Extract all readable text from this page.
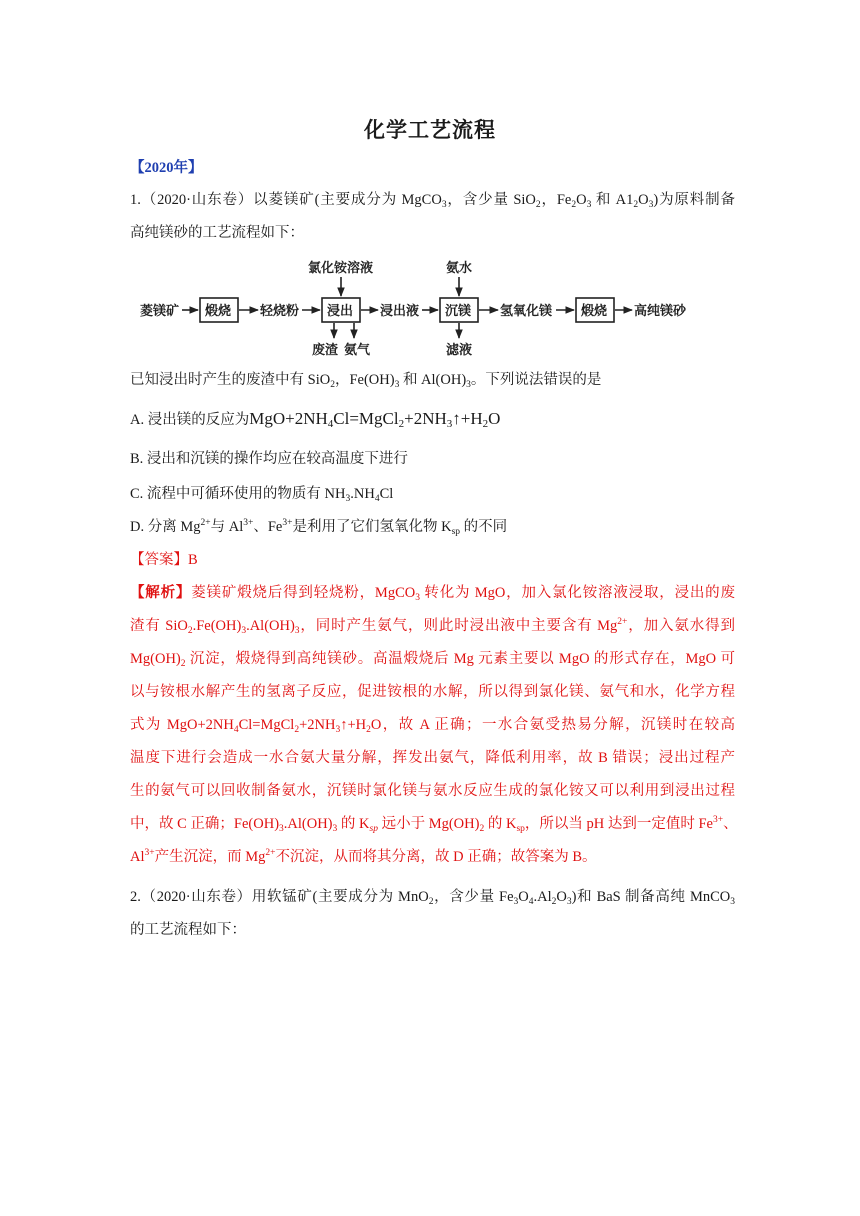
化学工艺流程
【2020年】
1.（2020·山东卷）以菱镁矿(主要成分为 MgCO$_3$，含少量 SiO$_2$，$Fe_2O_3$ 和 $A1_2O_3$)为原料制备
高纯镁砂的工艺流程如下：
菱镁矿 煅烧 轻烧粉 浸出 浸出液 沉镁 氢氧化镁 煅烧 高纯镁砂
氯化铵溶液	氨水
废渣 氨气	滤液
已知浸出时产生的废渣中有 SiO$_2$，$Fe(OH)_3$ 和 $Al(OH)_3$。下列说法错误的是
A. 浸出镁的反应为$MgO+2NH_4Cl=MgCl_2+2NH_3↑+H_2O$
B. 浸出和沉镁的操作均应在较高温度下进行
C. 流程中可循环使用的物质有 $NH_3.NH_4Cl$
D. 分离 $Mg^{2+}$与 $Al^{3+}$、$Fe^{3+}$是利用了它们氢氧化物 $K_{sp}$ 的不同
【答案】B
【解析】菱镁矿煅烧后得到轻烧粉，MgCO$_3$ 转化为 MgO，加入氯化铵溶液浸取，浸出的废
渣有 $SiO_2.Fe(OH)_3.Al(OH)_3$，同时产生氨气，则此时浸出液中主要含有 $Mg^{2+}$，加入氨水得到
$Mg(OH)_2$ 沉淀，煅烧得到高纯镁砂。高温煅烧后 Mg 元素主要以 MgO 的形式存在，MgO 可
以与铵根水解产生的氢离子反应，促进铵根的水解，所以得到氯化镁、氨气和水，化学方程
式为 $MgO+2NH_4Cl=MgCl_2+2NH_3↑+H_2O$，故 A 正确；一水合氨受热易分解，沉镁时在较高
温度下进行会造成一水合氨大量分解，挥发出氨气，降低利用率，故 B 错误；浸出过程产
生的氨气可以回收制备氨水，沉镁时氯化镁与氨水反应生成的氯化铵又可以利用到浸出过程
中，故 C 正确；$Fe(OH)_3.Al(OH)_3$ 的 $K_{sp}$ 远小于 $Mg(OH)_2$ 的 $K_{sp}$，所以当 pH 达到一定值时 $Fe^{3+}$、
$Al^{3+}$产生沉淀，而 $Mg^{2+}$不沉淀，从而将其分离，故 D 正确；故答案为 B。
2.（2020·山东卷）用软锰矿(主要成分为 MnO$_2$，含少量 $Fe_3O_4.Al_2O_3$)和 BaS 制备高纯 MnCO$_3$
的工艺流程如下：
